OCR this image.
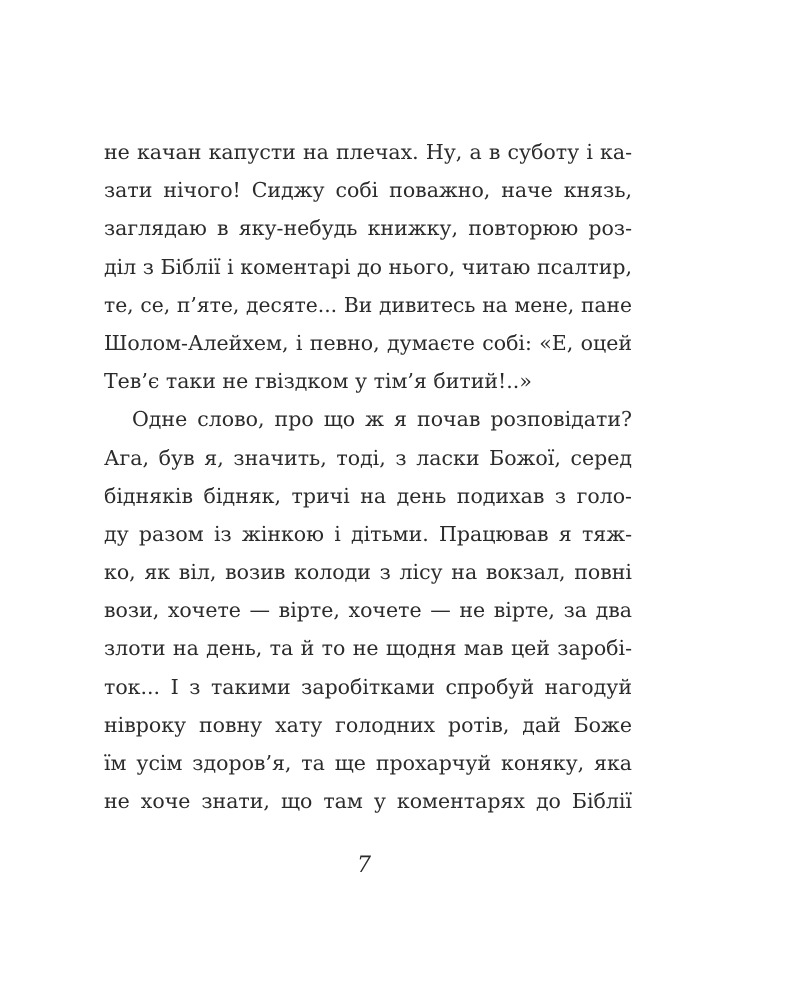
не качан капусти на плечах. Ну, а в суботу і ка-
зати нічого! Сиджу собі поважно, наче князь,
заглядаю в яку-небудь книжку, повторюю роз-
діл з Біблії і коментарі до нього, читаю псалтир,
те, се, п’яте, десяте... Ви дивитесь на мене, пане
Шолом-Алейхем, і певно, думаєте собі: «Е, оцей
Тев’є таки не гвіздком у тім’я битий!..»
Одне слово, про що ж я почав розповідати?
Ага, був я, значить, тоді, з ласки Божої, серед
бідняків бідняк, тричі на день подихав з голо-
ду разом із жінкою і дітьми. Працював я тяж-
ко, як віл, возив колоди з лісу на вокзал, повні
вози, хочете — вірте, хочете — не вірте, за два
злоти на день, та й то не щодня мав цей заробі-
ток... І з такими заробітками спробуй нагодуй
нівроку повну хату голодних ротів, дай Боже
їм усім здоров’я, та ще прохарчуй коняку, яка
не хоче знати, що там у коментарях до Біблії
7
